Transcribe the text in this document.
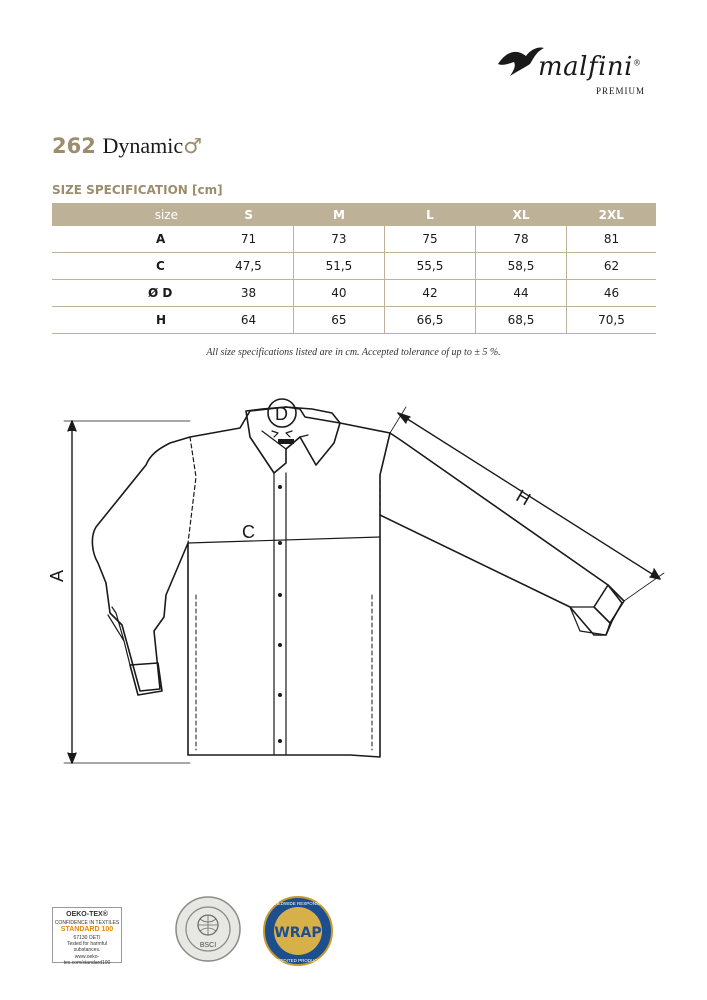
malfini®
PREMIUM
262 Dynamic♂
SIZE SPECIFICATION [cm]
size		S	M	L	XL	2XL
	A	71	73	75	78	81
	C	47,5	51,5	55,5	58,5	62
	Ø D	38	40	42	44	46
	H	64	65	66,5	68,5	70,5
All size specifications listed are in cm. Accepted tolerance of up to ± 5 %.
A
C
D
H
OEKO-TEX®
CONFIDENCE IN TEXTILES
STANDARD 100
67130 OETI
Tested for harmful substances.
www.oeko-tex.com/standard100
BSCI
WRAP
WORLDWIDE RESPONSIBLE
ACCREDITED PRODUCTION
